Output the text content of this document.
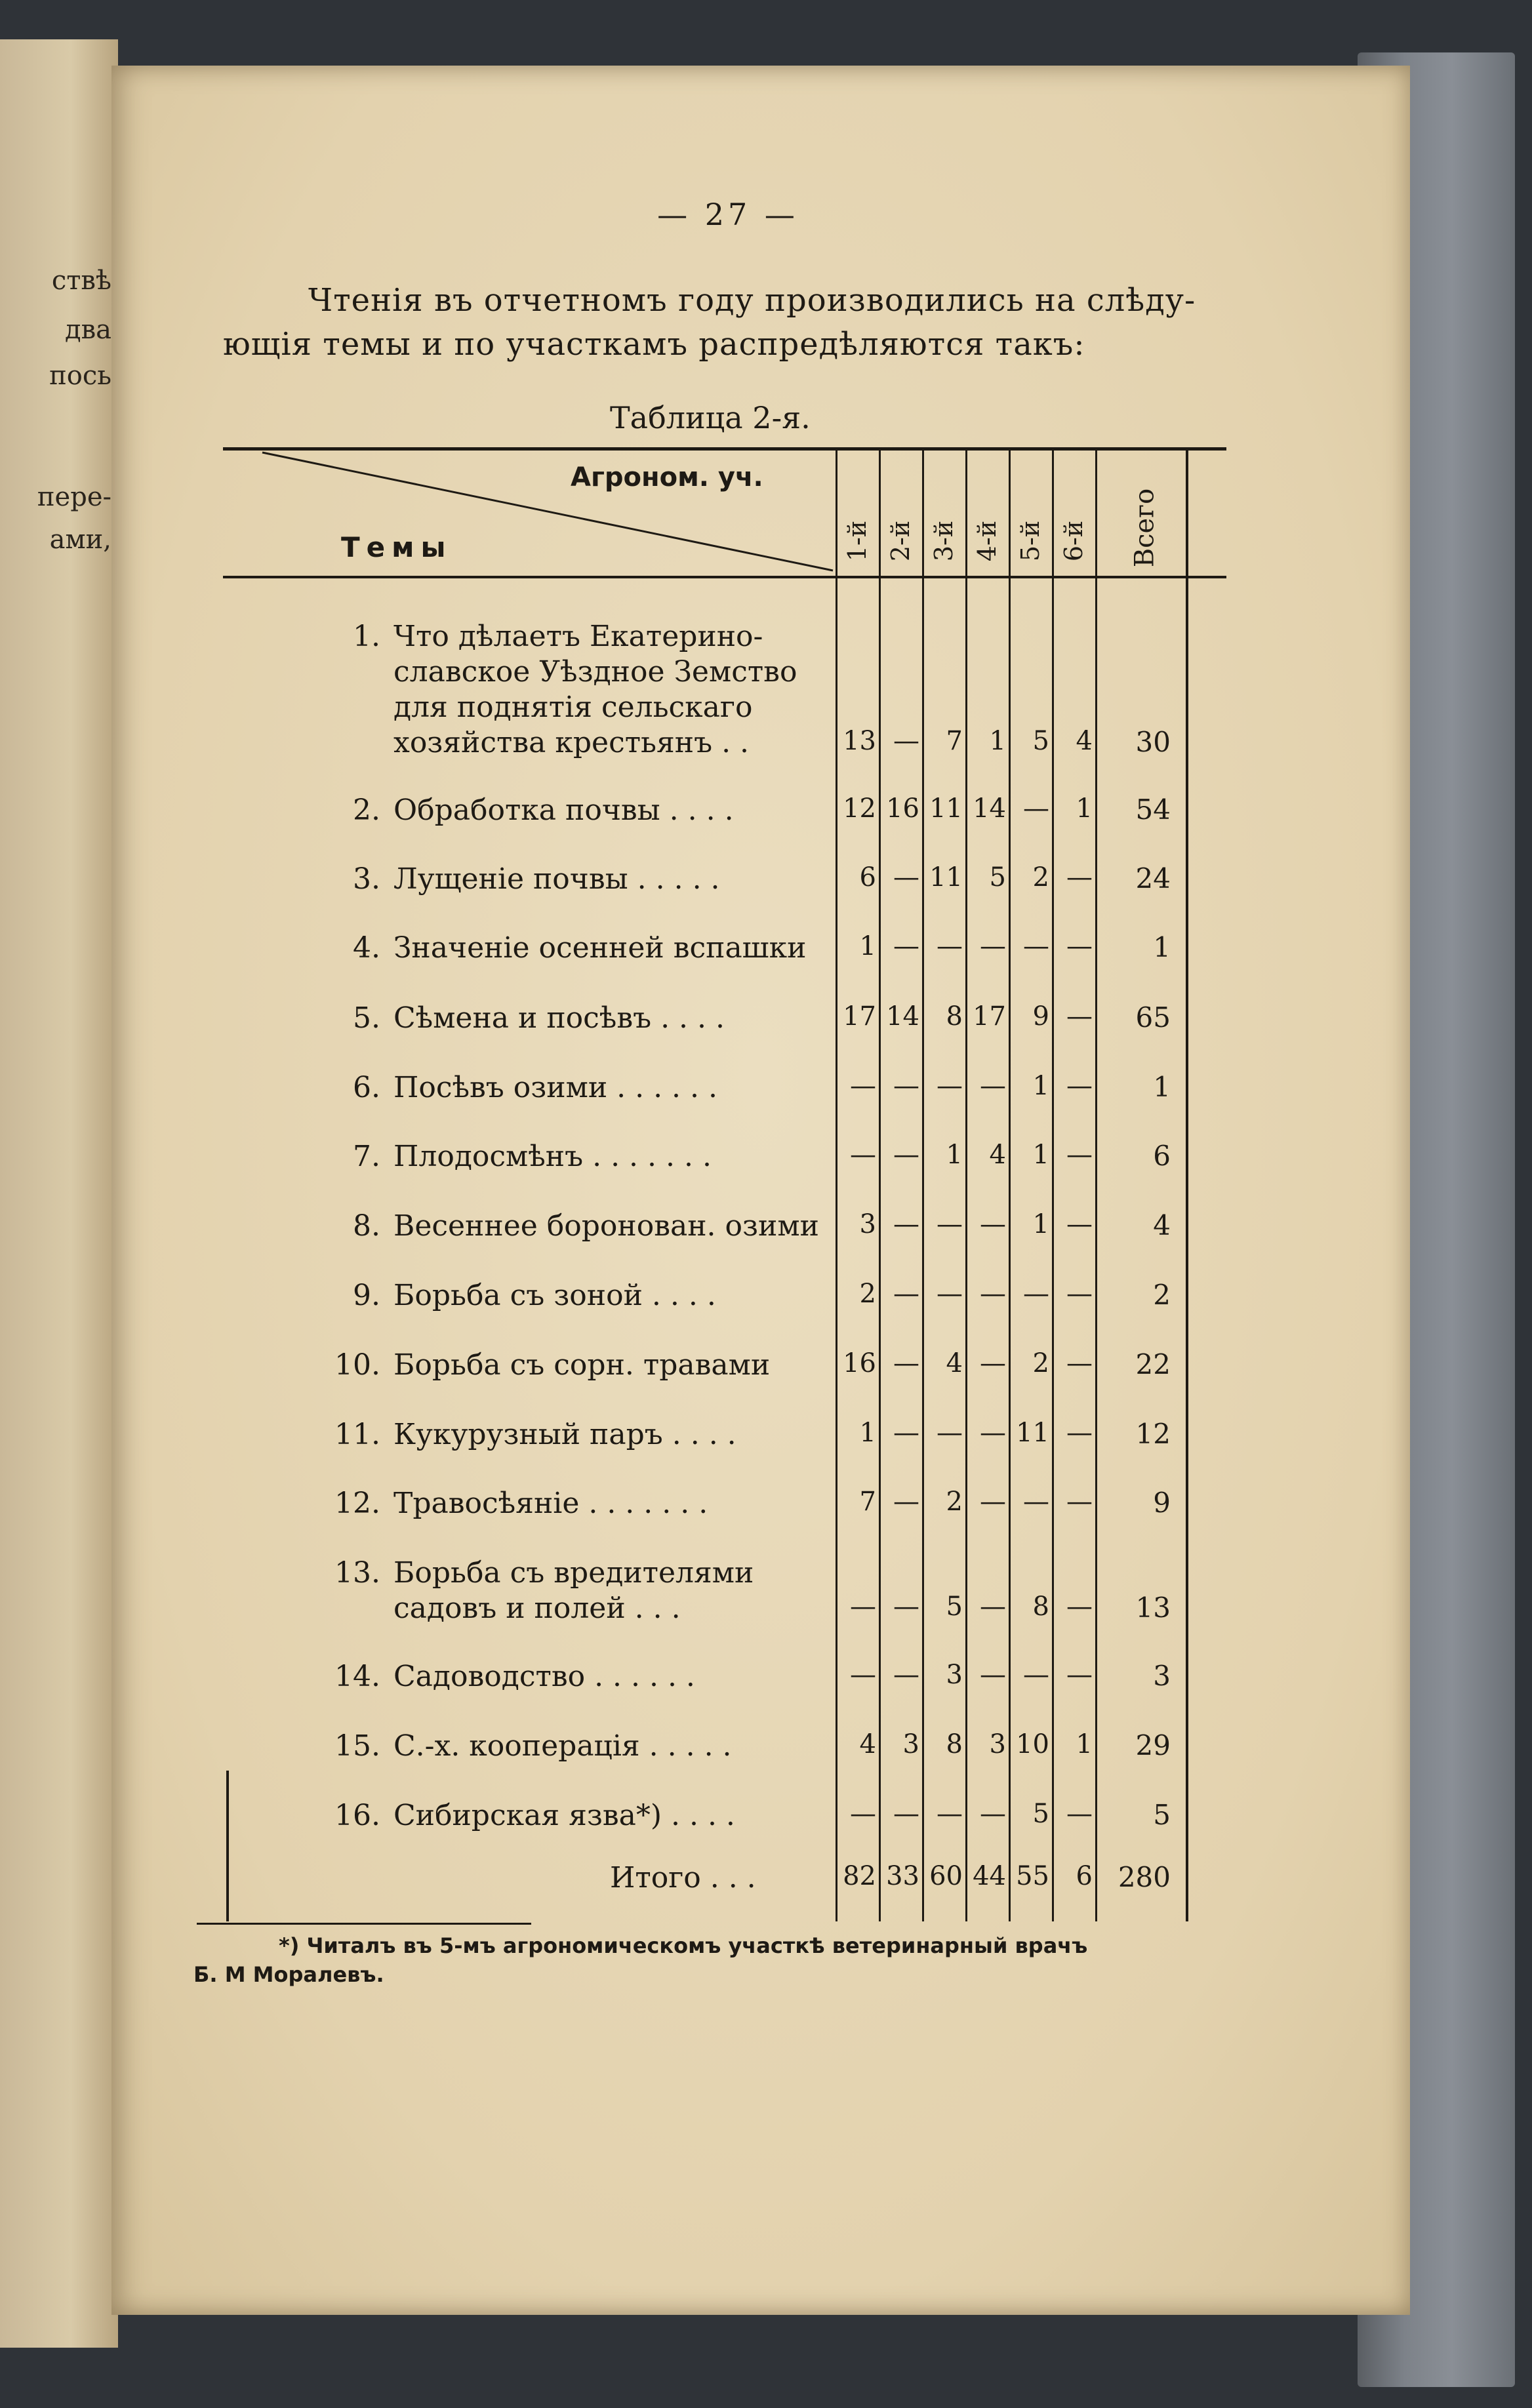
ствѣ
два
пось
пере-
ами,
— 27 —
Чтенія въ отчетномъ году производились на слѣду-
ющія темы и по участкамъ распредѣляются такъ:
Таблица 2-я.
Агроном. уч.
Темы	1-й 2-й 3-й 4-й 5-й 6-й Всего
1. Что дѣлаетъ Екатерино-
славское Уѣздное Земство
для поднятія сельскаго
хозяйства крестьянъ . .	13 —	7	1	5	4	30
2. Обработка почвы . . . .	12 16 11 14 —	1	54
3. Лущеніе почвы . . . . .	6 — 11	5	2 —	24
4. Значеніе осенней вспашки	1 — — — — —	1
5. Сѣмена и посѣвъ . . . .	17 14	8 17	9 —	65
6. Посѣвъ озими . . . . . .	— — — —	1 —	1
7. Плодосмѣнъ . . . . . . .	— —	1	4	1 —	6
8. Весеннее боронован. озими	3 — — —	1 —	4
9. Борьба съ зоной . . . .	2 — — — — —	2
10. Борьба съ сорн. травами	16 —	4 —	2 —	22
11. Кукурузный паръ . . . .	1 — — — 11 —	12
12. Травосѣяніе . . . . . . .	7 —	2 — — —	9
13. Борьба съ вредителями
садовъ и полей . . .	— —	5 —	8 —	13
14. Садоводство . . . . . .	— —	3 — — —	3
15. С.-х. кооперація . . . . .	4	3	8	3 10	1	29
16. Сибирская язва*) . . . .	— — — —	5 —	5
Итого . . .	82 33 60 44 55	6 280
*) Читалъ въ 5-мъ агрономическомъ участкѣ ветеринарный врачъ
Б. М Моралевъ.
